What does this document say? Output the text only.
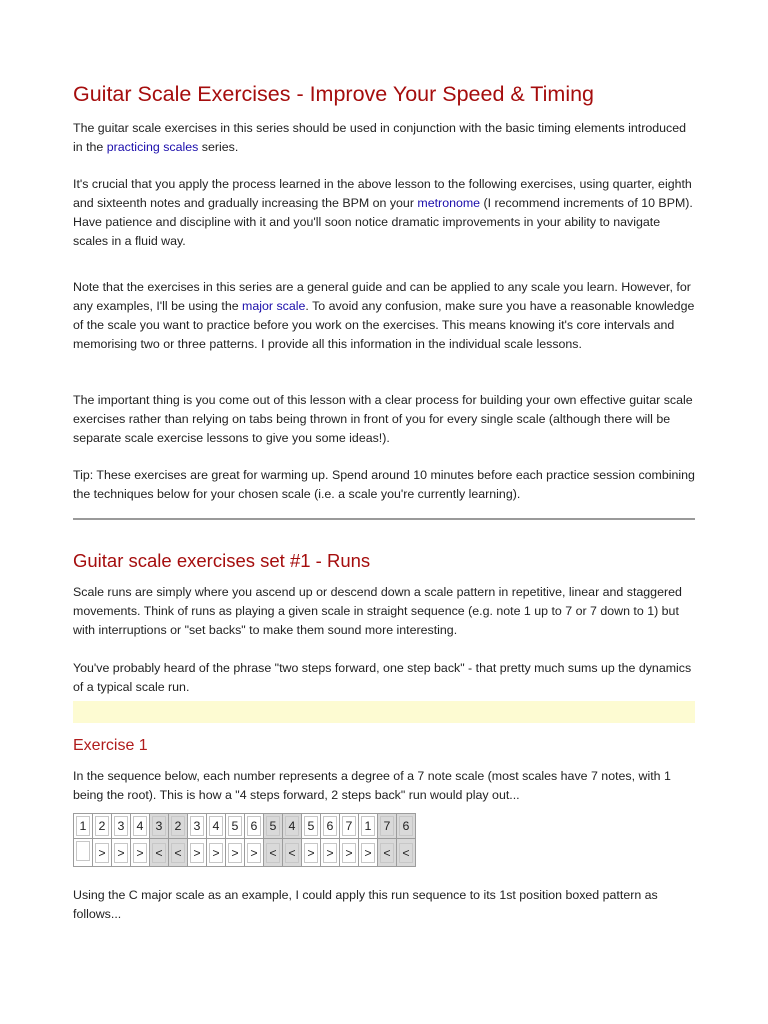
Guitar Scale Exercises - Improve Your Speed & Timing

The guitar scale exercises in this series should be used in conjunction with the basic timing elements introduced in the practicing scales series.

It's crucial that you apply the process learned in the above lesson to the following exercises, using quarter, eighth and sixteenth notes and gradually increasing the BPM on your metronome (I recommend increments of 10 BPM). Have patience and discipline with it and you'll soon notice dramatic improvements in your ability to navigate scales in a fluid way.

Note that the exercises in this series are a general guide and can be applied to any scale you learn. However, for any examples, I'll be using the major scale. To avoid any confusion, make sure you have a reasonable knowledge of the scale you want to practice before you work on the exercises. This means knowing it's core intervals and memorising two or three patterns. I provide all this information in the individual scale lessons.

The important thing is you come out of this lesson with a clear process for building your own effective guitar scale exercises rather than relying on tabs being thrown in front of you for every single scale (although there will be separate scale exercise lessons to give you some ideas!).

Tip: These exercises are great for warming up. Spend around 10 minutes before each practice session combining the techniques below for your chosen scale (i.e. a scale you're currently learning).

Guitar scale exercises set #1 - Runs

Scale runs are simply where you ascend up or descend down a scale pattern in repetitive, linear and staggered movements. Think of runs as playing a given scale in straight sequence (e.g. note 1 up to 7 or 7 down to 1) but with interruptions or "set backs" to make them sound more interesting.

You've probably heard of the phrase "two steps forward, one step back" - that pretty much sums up the dynamics of a typical scale run.

Exercise 1

In the sequence below, each number represents a degree of a 7 note scale (most scales have 7 notes, with 1 being the root). This is how a "4 steps forward, 2 steps back" run would play out...

1	2	3	4	3	2	3	4	5	6	5	4	5	6	7	1	7	6
	>	>	>	<	<	>	>	>	>	<	<	>	>	>	>	<	<

Using the C major scale as an example, I could apply this run sequence to its 1st position boxed pattern as follows...
